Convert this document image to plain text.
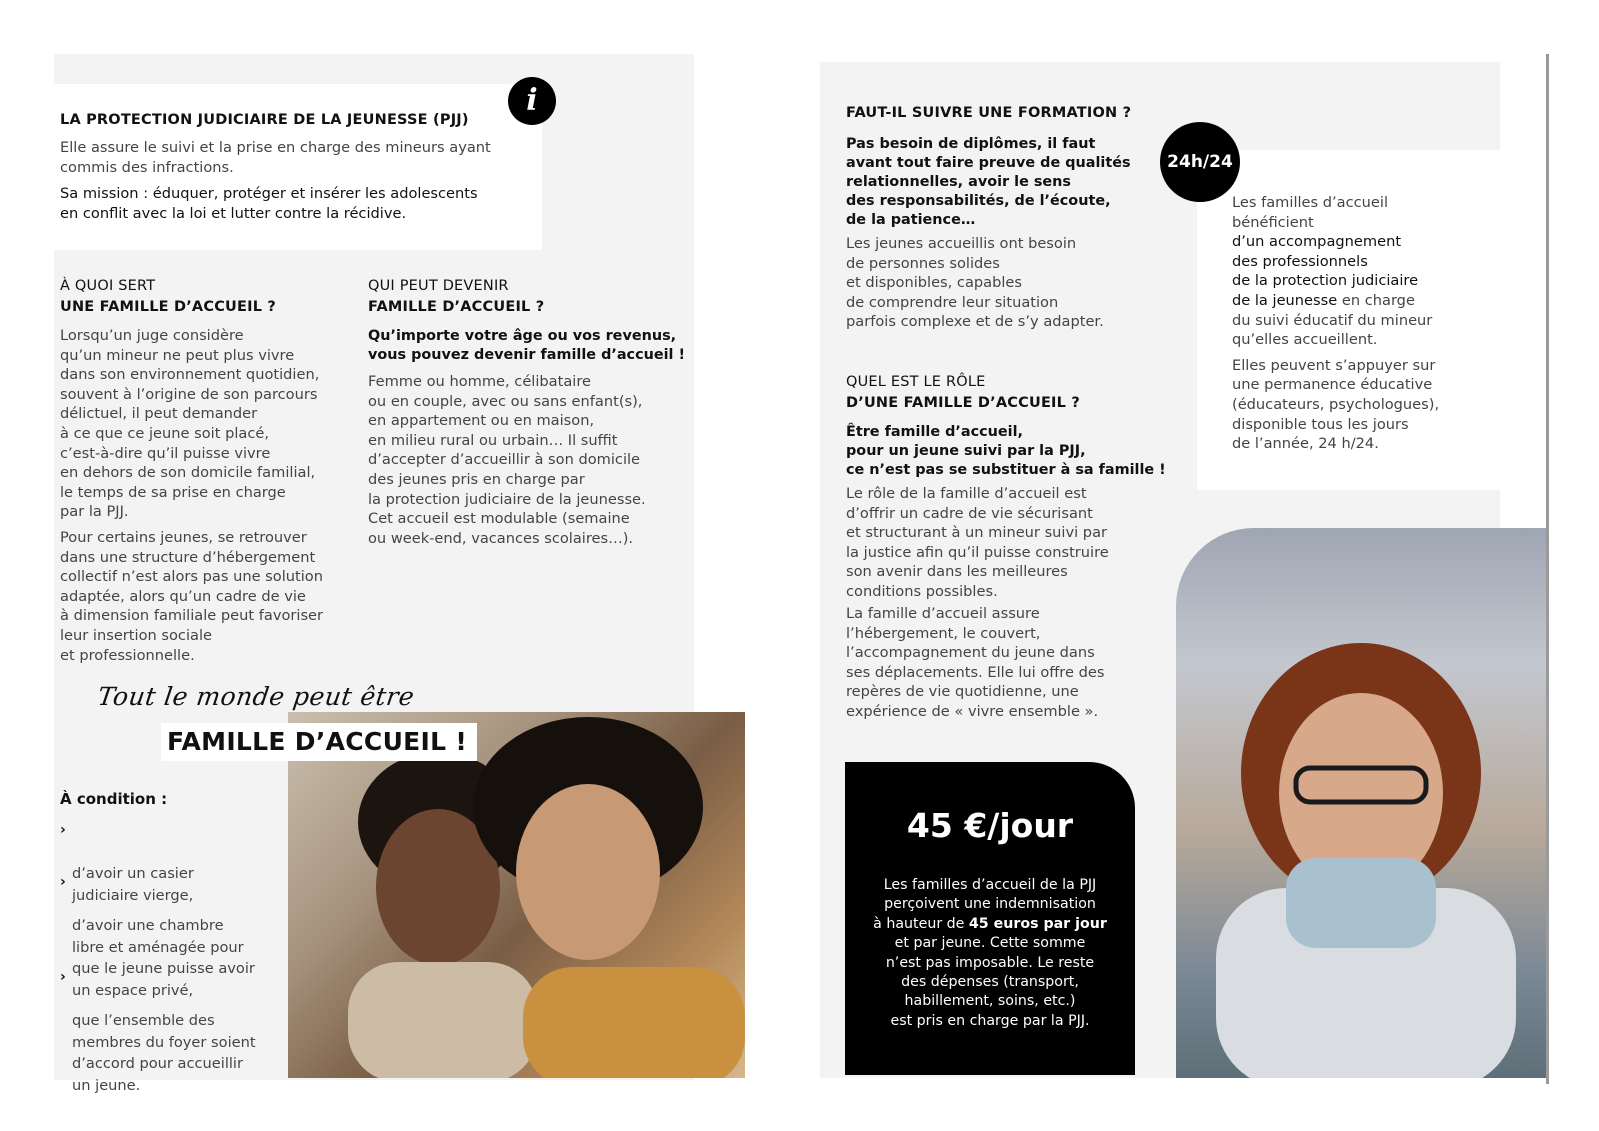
i
LA PROTECTION JUDICIAIRE DE LA JEUNESSE (PJJ)
Elle assure le suivi et la prise en charge des mineurs ayant
commis des infractions.
Sa mission : éduquer, protéger et insérer les adolescents
en conflit avec la loi et lutter contre la récidive.
À QUOI SERT
UNE FAMILLE D’ACCUEIL ?
Lorsqu’un juge considère
qu’un mineur ne peut plus vivre
dans son environnement quotidien,
souvent à l’origine de son parcours
délictuel, il peut demander
à ce que ce jeune soit placé,
c’est-à-dire qu’il puisse vivre
en dehors de son domicile familial,
le temps de sa prise en charge
par la PJJ.
Pour certains jeunes, se retrouver
dans une structure d’hébergement
collectif n’est alors pas une solution
adaptée, alors qu’un cadre de vie
à dimension familiale peut favoriser
leur insertion sociale
et professionnelle.
QUI PEUT DEVENIR
FAMILLE D’ACCUEIL ?
Qu’importe votre âge ou vos revenus,
vous pouvez devenir famille d’accueil !
Femme ou homme, célibataire
ou en couple, avec ou sans enfant(s),
en appartement ou en maison,
en milieu rural ou urbain… Il suffit
d’accepter d’accueillir à son domicile
des jeunes pris en charge par
la protection judiciaire de la jeunesse.
Cet accueil est modulable (semaine
ou week-end, vacances scolaires…).
Tout le monde peut être
FAMILLE D’ACCUEIL !
À condition :

›

d’avoir un casier
judiciaire vierge,

›

d’avoir une chambre
libre et aménagée pour
que le jeune puisse avoir
un espace privé,

›

que l’ensemble des
membres du foyer soient
d’accord pour accueillir
un jeune.

FAUT-IL SUIVRE UNE FORMATION ?
Pas besoin de diplômes, il faut
avant tout faire preuve de qualités
relationnelles, avoir le sens
des responsabilités, de l’écoute,
de la patience…
Les jeunes accueillis ont besoin
de personnes solides
et disponibles, capables
de comprendre leur situation
parfois complexe et de s’y adapter.
24h/24
Les familles d’accueil
bénéficient
d’un accompagnement
des professionnels
de la protection judiciaire
de la jeunesse en charge
du suivi éducatif du mineur
qu’elles accueillent.
Elles peuvent s’appuyer sur
une permanence éducative
(éducateurs, psychologues),
disponible tous les jours
de l’année, 24 h/24.
QUEL EST LE RÔLE
D’UNE FAMILLE D’ACCUEIL ?
Être famille d’accueil,
pour un jeune suivi par la PJJ,
ce n’est pas se substituer à sa famille !
Le rôle de la famille d’accueil est
d’offrir un cadre de vie sécurisant
et structurant à un mineur suivi par
la justice afin qu’il puisse construire
son avenir dans les meilleures
conditions possibles.
La famille d’accueil assure
l’hébergement, le couvert,
l’accompagnement du jeune dans
ses déplacements. Elle lui offre des
repères de vie quotidienne, une
expérience de « vivre ensemble ».
45 €/jour
Les familles d’accueil de la PJJ
perçoivent une indemnisation
à hauteur de 45 euros par jour
et par jeune. Cette somme
n’est pas imposable. Le reste
des dépenses (transport,
habillement, soins, etc.)
est pris en charge par la PJJ.
